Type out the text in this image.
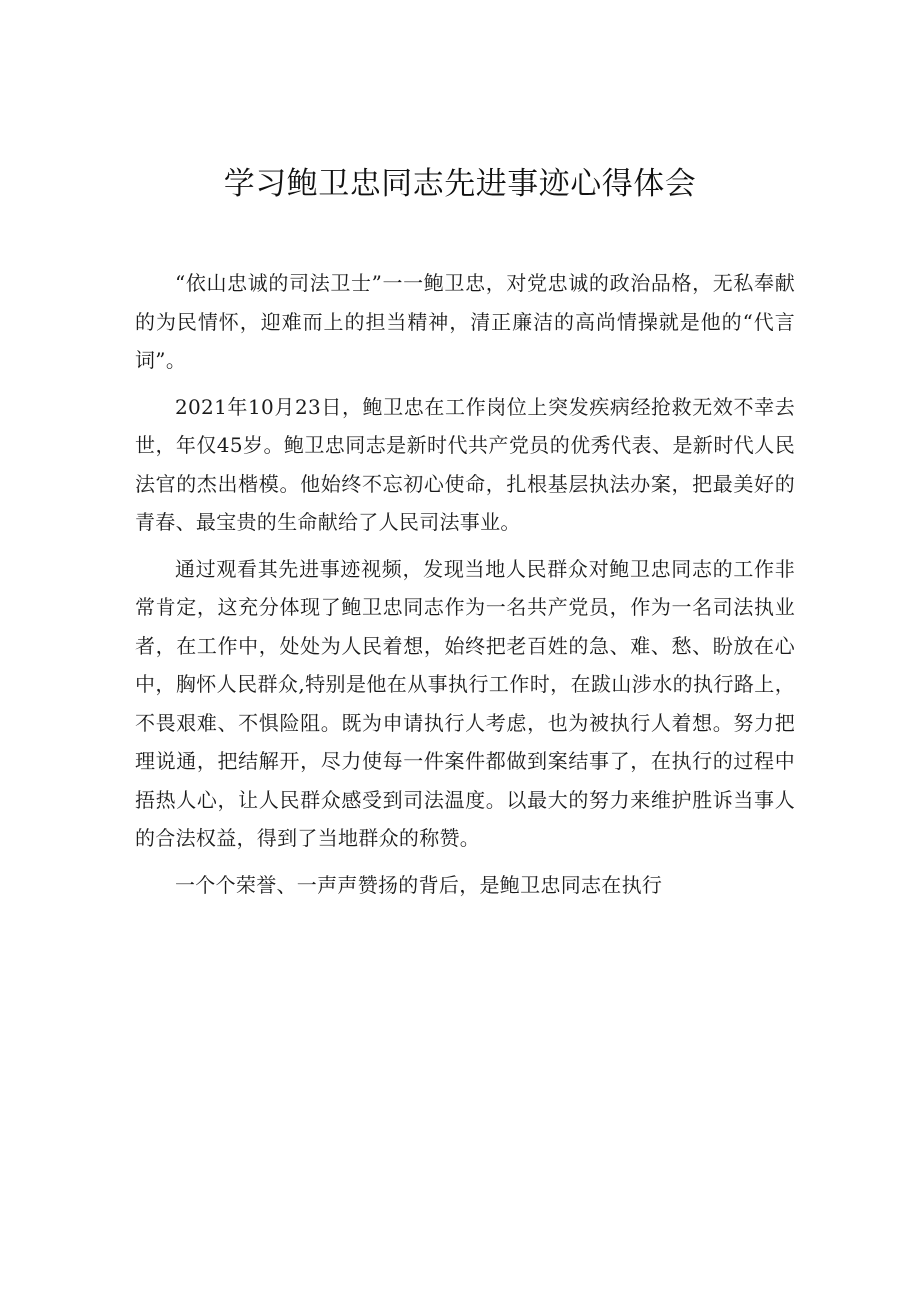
学习鲍卫忠同志先进事迹心得体会

“依山忠诚的司法卫士”一一鲍卫忠，对党忠诚的政治品格，无私奉献的为民情怀，迎难而上的担当精神，清正廉洁的高尚情操就是他的“代言词”。

2021年10月23日，鲍卫忠在工作岗位上突发疾病经抢救无效不幸去世，年仅45岁。鲍卫忠同志是新时代共产党员的优秀代表、是新时代人民法官的杰出楷模。他始终不忘初心使命，扎根基层执法办案，把最美好的青春、最宝贵的生命献给了人民司法事业。

通过观看其先进事迹视频，发现当地人民群众对鲍卫忠同志的工作非常肯定，这充分体现了鲍卫忠同志作为一名共产党员，作为一名司法执业者，在工作中，处处为人民着想，始终把老百姓的急、难、愁、盼放在心中，胸怀人民群众,特别是他在从事执行工作时，在跋山涉水的执行路上，不畏艰难、不惧险阻。既为申请执行人考虑，也为被执行人着想。努力把理说通，把结解开，尽力使每一件案件都做到案结事了，在执行的过程中捂热人心，让人民群众感受到司法温度。以最大的努力来维护胜诉当事人的合法权益，得到了当地群众的称赞。

一个个荣誉、一声声赞扬的背后，是鲍卫忠同志在执行
